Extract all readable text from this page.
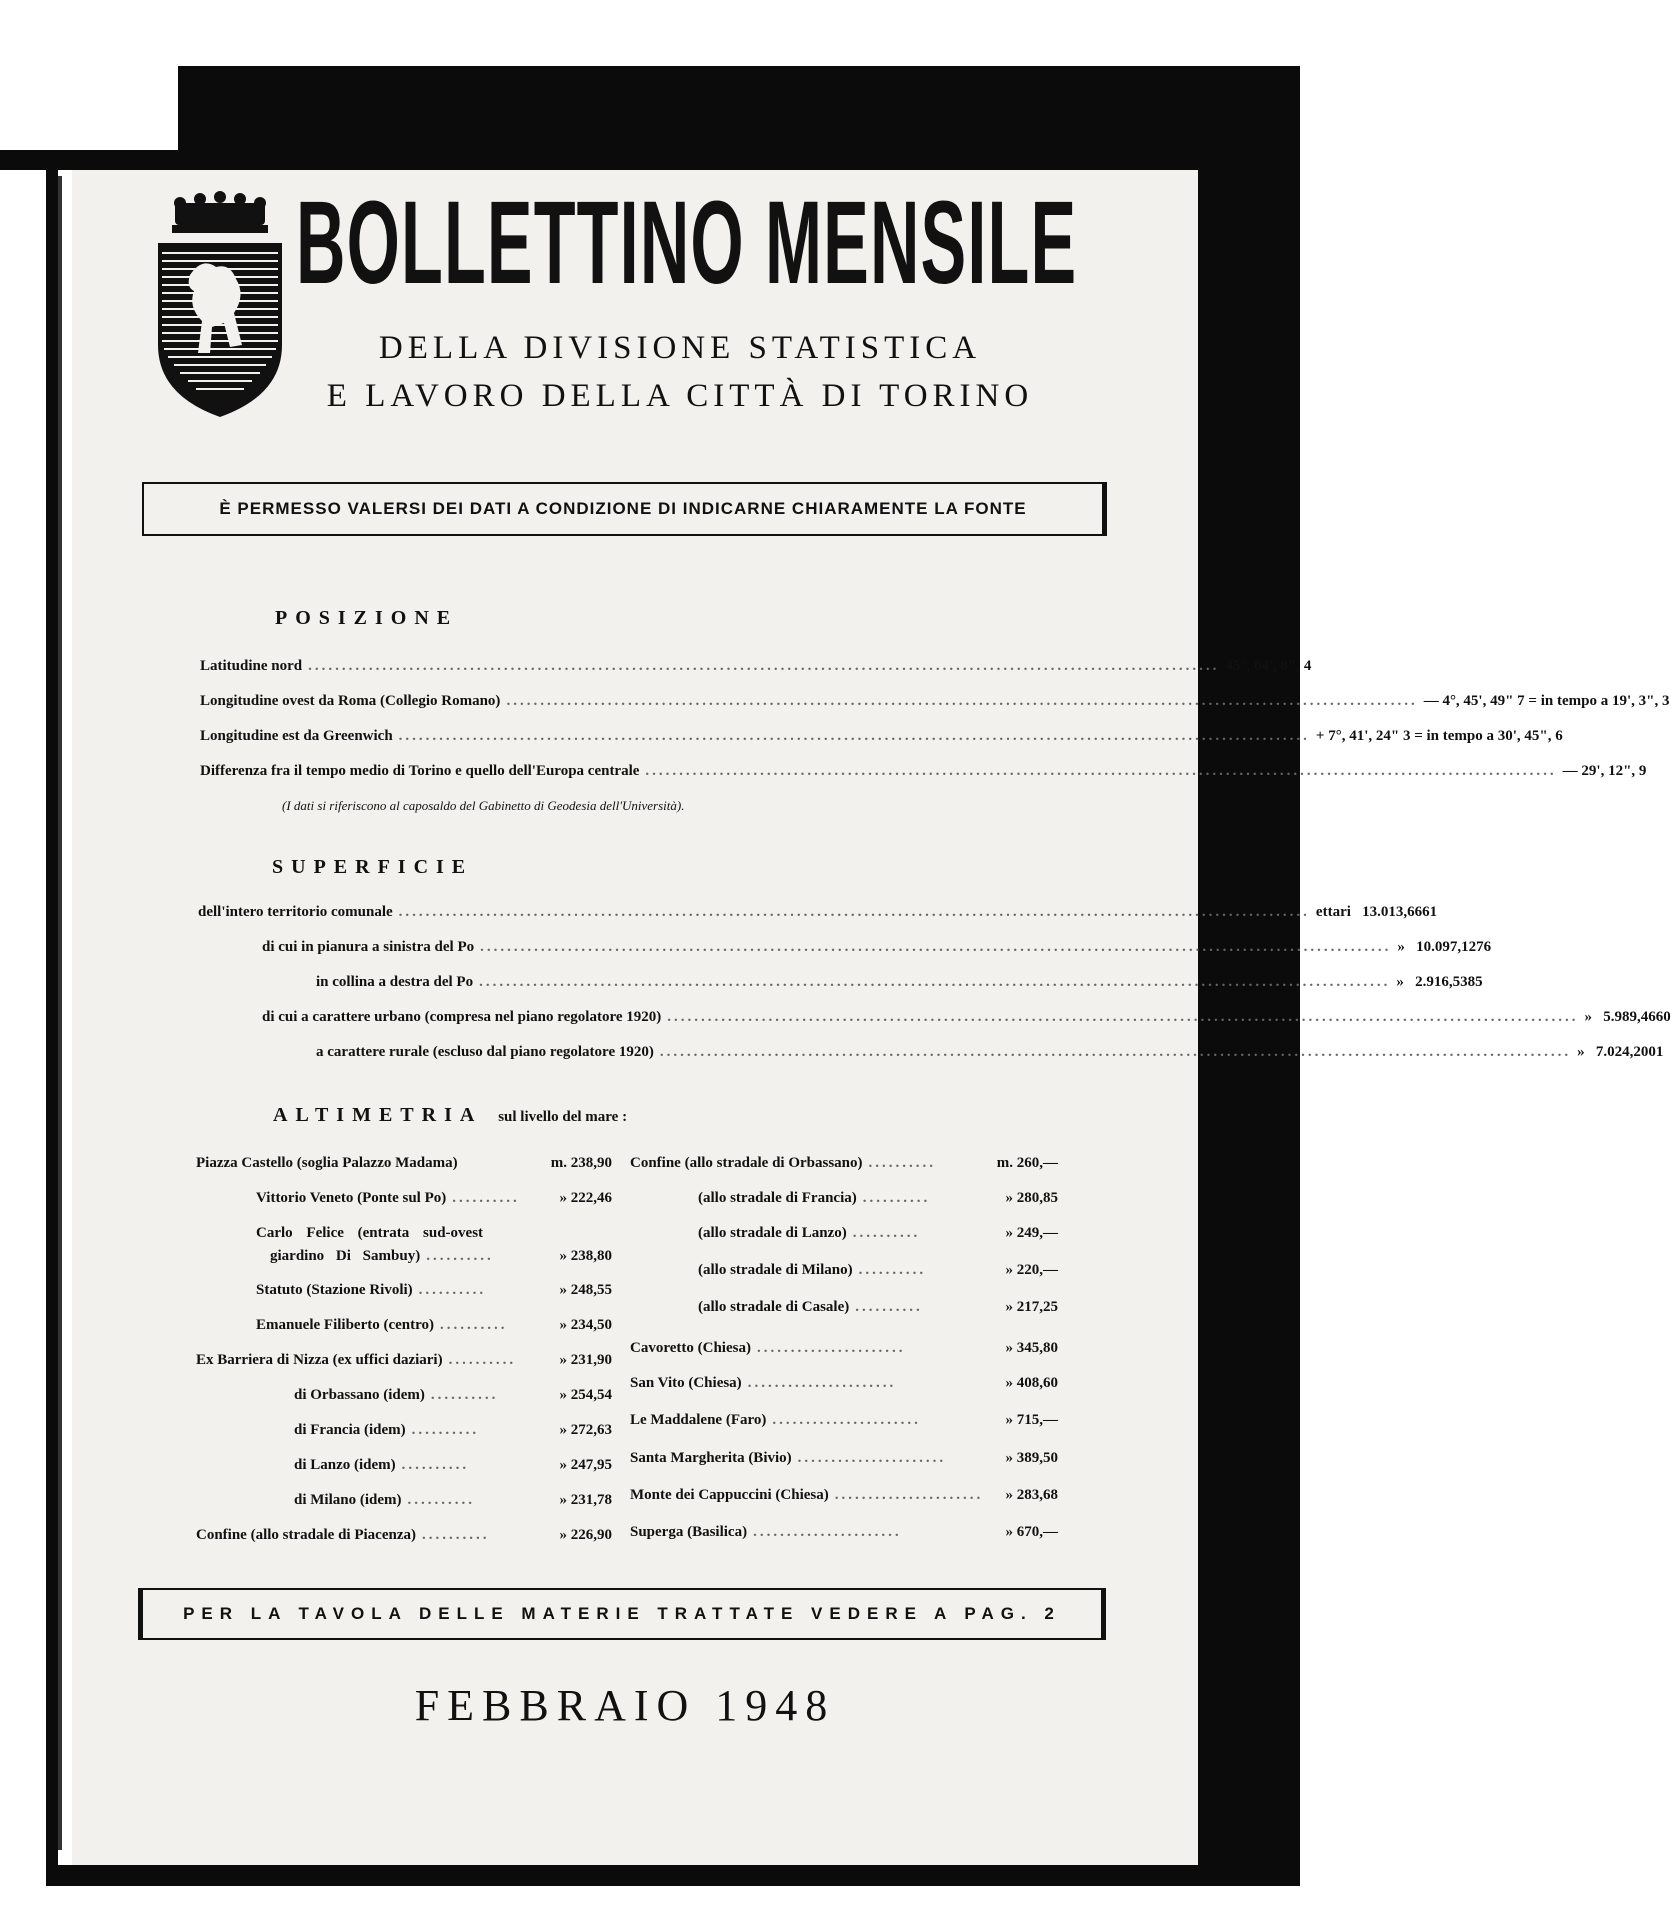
BOLLETTINO MENSILE
DELLA DIVISIONE STATISTICA
E LAVORO DELLA CITTÀ DI TORINO
È PERMESSO VALERSI DEI DATI A CONDIZIONE DI INDICARNE CHIARAMENTE LA FONTE
POSIZIONE
Latitudine nord ....................................................................................................................................... 45°, 04', 8", 4
Longitudine ovest da Roma (Collegio Romano) ....................................................................................................................................... — 4°, 45', 49" 7 = in tempo a 19', 3", 3
Longitudine est da Greenwich ....................................................................................................................................... + 7°, 41', 24" 3 = in tempo a 30', 45", 6
Differenza fra il tempo medio di Torino e quello dell'Europa centrale ....................................................................................................................................... — 29', 12", 9
(I dati si riferiscono al caposaldo del Gabinetto di Geodesia dell'Università).
SUPERFICIE
dell'intero territorio comunale ....................................................................................................................................... ettari 13.013,6661
di cui in pianura a sinistra del Po ....................................................................................................................................... » 10.097,1276
in collina a destra del Po ....................................................................................................................................... » 2.916,5385
di cui a carattere urbano (compresa nel piano regolatore 1920) ....................................................................................................................................... » 5.989,4660
a carattere rurale (escluso dal piano regolatore 1920) ....................................................................................................................................... » 7.024,2001
ALTIMETRIA sul livello del mare :
Piazza Castello (soglia Palazzo Madama)	m. 238,90
Vittorio Veneto (Ponte sul Po) ..........	» 222,46
Carlo Felice (entrata sud-ovest
giardino Di Sambuy) ..........	» 238,80
Statuto (Stazione Rivoli) ..........	» 248,55
Emanuele Filiberto (centro) ..........	» 234,50
Ex Barriera di Nizza (ex uffici daziari) ..........	» 231,90
di Orbassano (idem) ..........	» 254,54
di Francia (idem) ..........	» 272,63
di Lanzo (idem) ..........	» 247,95
di Milano (idem) ..........	» 231,78
Confine (allo stradale di Piacenza) ..........	» 226,90
Confine (allo stradale di Orbassano) ..........	m. 260,—
(allo stradale di Francia) ..........	» 280,85
(allo stradale di Lanzo) ..........	» 249,—
(allo stradale di Milano) ..........	» 220,—
(allo stradale di Casale) ..........	» 217,25
Cavoretto (Chiesa) ......................	» 345,80
San Vito (Chiesa) ......................	» 408,60
Le Maddalene (Faro) ......................	» 715,—
Santa Margherita (Bivio) ......................	» 389,50
Monte dei Cappuccini (Chiesa) ......................	» 283,68
Superga (Basilica) ......................	» 670,—
PER LA TAVOLA DELLE MATERIE TRATTATE VEDERE A PAG. 2
FEBBRAIO 1948
